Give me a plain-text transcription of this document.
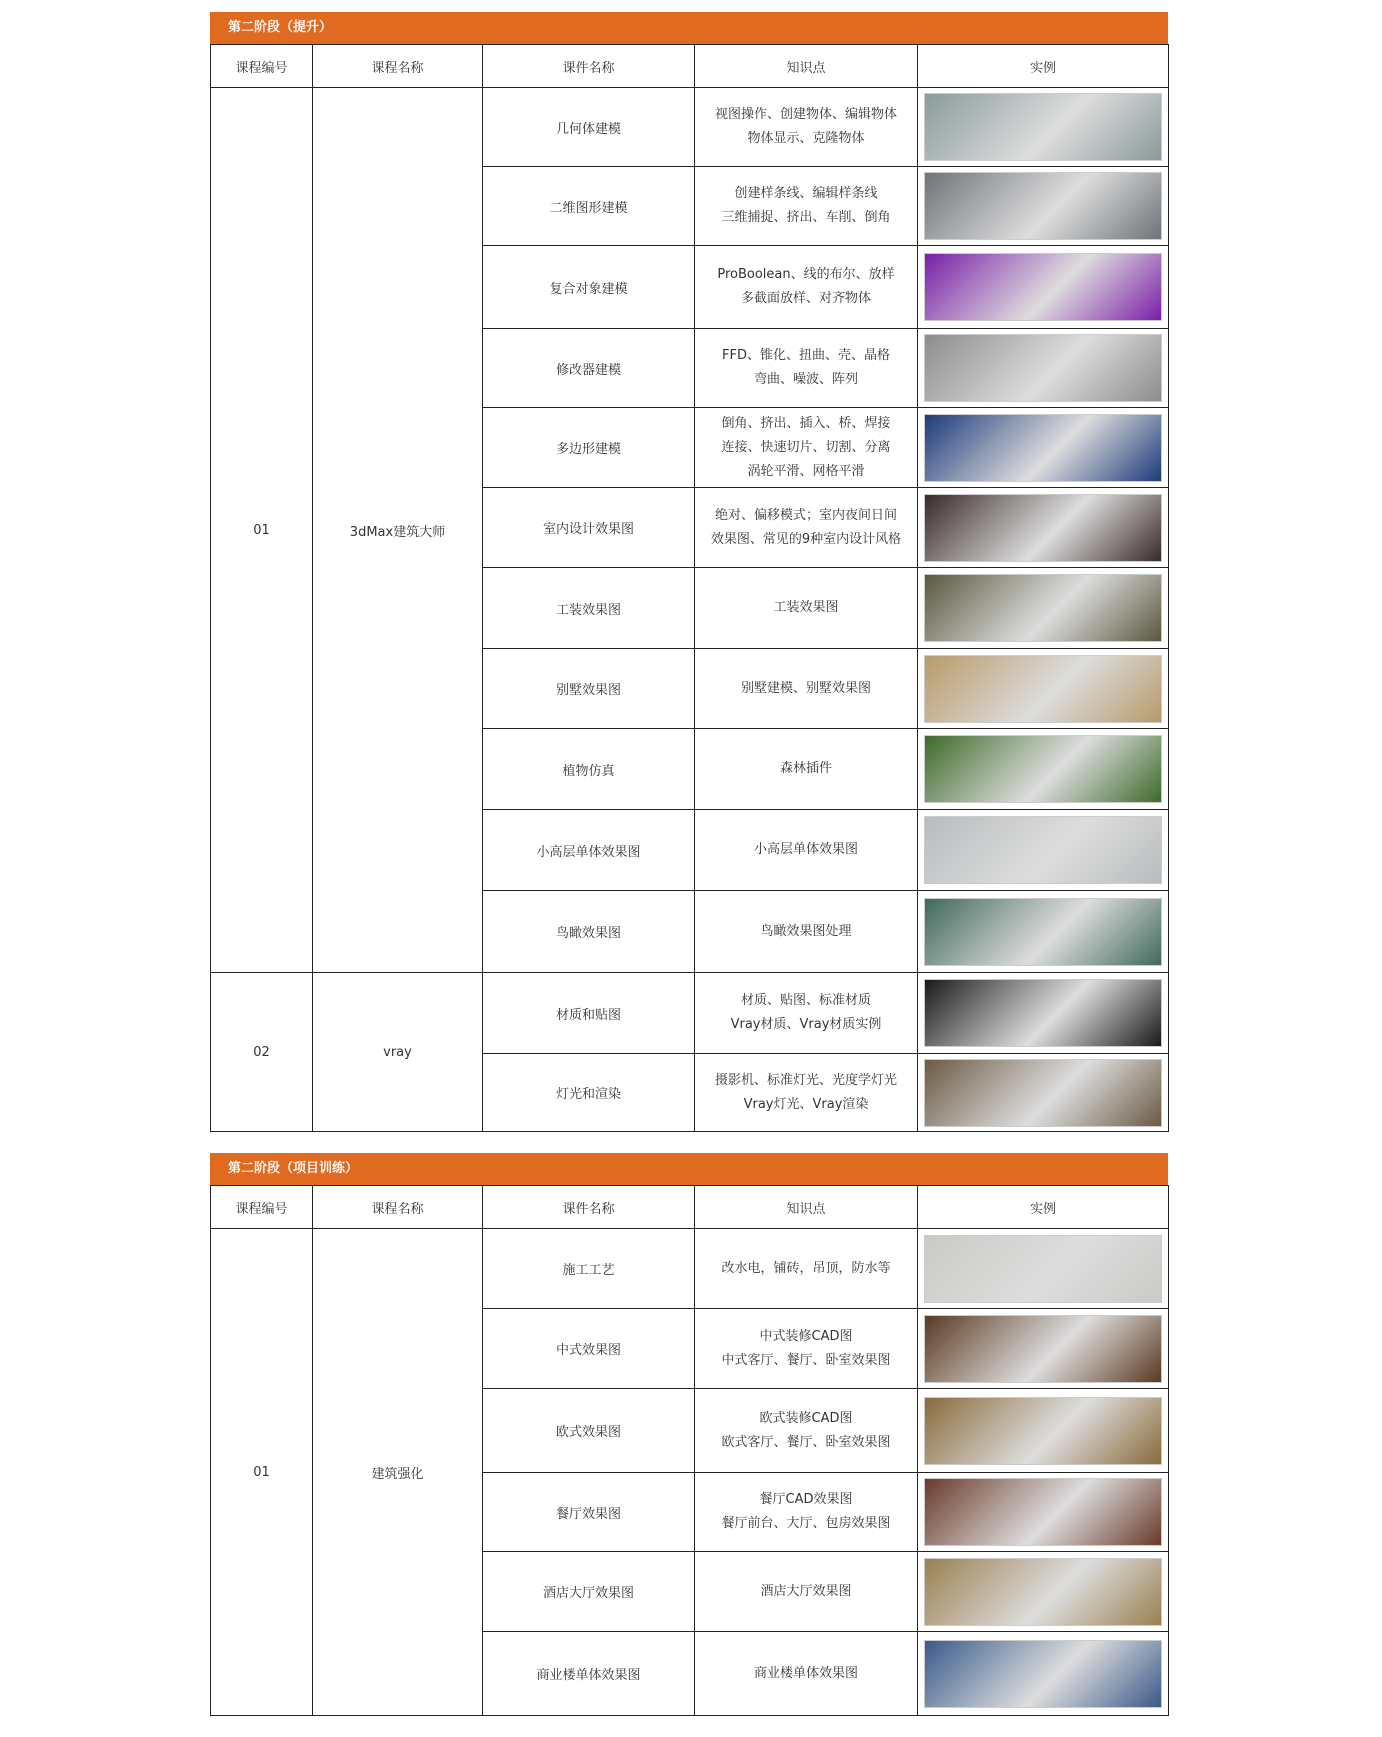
第二阶段（提升）
课程编号	课程名称	课件名称	知识点	实例
01	3dMax建筑大师	几何体建模	视图操作、创建物体、编辑物体
物体显示、克隆物体	

		二维图形建模	创建样条线、编辑样条线
三维捕捉、挤出、车削、倒角	

		复合对象建模	ProBoolean、线的布尔、放样
多截面放样、对齐物体	

		修改器建模	FFD、锥化、扭曲、壳、晶格
弯曲、噪波、阵列	

		多边形建模	倒角、挤出、插入、桥、焊接
连接、快速切片、切割、分离
涡轮平滑、网格平滑	

		室内设计效果图	绝对、偏移模式；室内夜间日间
效果图、常见的9种室内设计风格	

		工装效果图	工装效果图	

		别墅效果图	别墅建模、别墅效果图	

		植物仿真	森林插件	

		小高层单体效果图	小高层单体效果图	

		鸟瞰效果图	鸟瞰效果图处理	

02	vray	材质和贴图	材质、贴图、标准材质
Vray材质、Vray材质实例	

		灯光和渲染	摄影机、标准灯光、光度学灯光
Vray灯光、Vray渲染	

第二阶段（项目训练）
课程编号	课程名称	课件名称	知识点	实例
01	建筑强化	施工工艺	改水电，铺砖，吊顶，防水等	

		中式效果图	中式装修CAD图
中式客厅、餐厅、卧室效果图	

		欧式效果图	欧式装修CAD图
欧式客厅、餐厅、卧室效果图	

		餐厅效果图	餐厅CAD效果图
餐厅前台、大厅、包房效果图	

		酒店大厅效果图	酒店大厅效果图	

		商业楼单体效果图	商业楼单体效果图	
